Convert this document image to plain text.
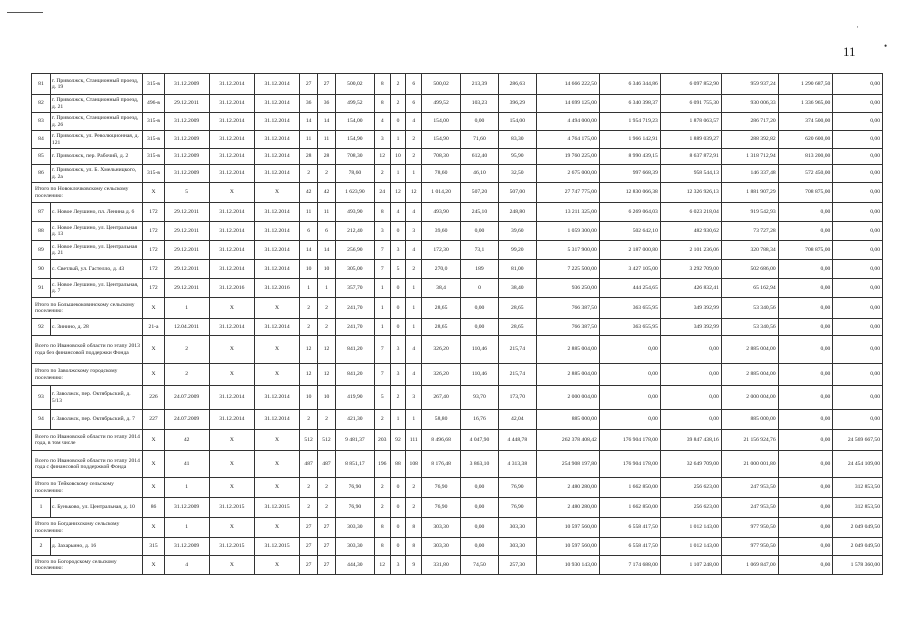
·
•
11
81	г. Приволжск, Станционный проезд, д. 19	315-в	31.12.2009	31.12.2014	31.12.2014	27	27	500,02	8	2	6	500,02	213,39	286,63	14 666 222,50	6 346 344,86	6 097 852,90	959 937,24	1 290 687,50	0,00
82	г. Приволжск, Станционный проезд, д. 21	496-в	29.12.2011	31.12.2014	31.12.2014	36	36	499,52	8	2	6	499,52	103,23	396,29	14 699 125,00	6 340 398,37	6 091 755,30	930 006,33	1 336 965,00	0,00
83	г. Приволжск, Станционный проезд, д. 26	315-в	31.12.2009	31.12.2014	31.12.2014	14	14	154,00	4	0	4	154,00	0,00	154,00	4 494 000,00	1 954 719,23	1 878 063,57	286 717,20	374 500,00	0,00
84	г. Приволжск, ул. Революционная, д. 121	315-в	31.12.2009	31.12.2014	31.12.2014	11	11	154,90	3	1	2	154,90	71,60	83,30	4 764 175,00	1 966 142,91	1 889 039,27	288 392,82	620 600,00	0,00
85	г. Приволжск, пер. Рабочий, д. 2	315-в	31.12.2009	31.12.2014	31.12.2014	28	28	708,30	12	10	2	708,30	612,40	95,90	19 760 225,00	8 990 439,15	8 637 872,91	1 318 712,94	813 200,00	0,00
86	г. Приволжск, ул. Б. Хмельницкого, д. 2а	315-в	31.12.2009	31.12.2014	31.12.2014	2	2	78,60	2	1	1	78,60	46,10	32,50	2 675 000,00	997 668,39	958 544,13	146 337,48	572 450,00	0,00
Итого по Новоклочковскому сельскому поселению:		X	5	X	X	42	42	1 623,90	24	12	12	1 014,20	507,20	507,00	27 747 775,00	12 830 066,38	12 326 926,13	1 881 907,29	708 875,00	0,00
87	с. Новое Леушино, пл. Ленина д. 6	172	29.12.2011	31.12.2014	31.12.2014	11	11	493,90	8	4	4	493,90	245,10	248,80	13 211 325,00	6 269 064,03	6 023 218,04	919 542,93	0,00	0,00
88	с. Новое Леушино, ул. Центральная д. 13	172	29.12.2011	31.12.2014	31.12.2014	6	6	212,40	3	0	3	39,60	0,00	39,60	1 059 300,00	502 642,10	482 930,62	73 727,28	0,00	0,00
89	с. Новое Леушино, ул. Центральная д. 21	172	29.12.2011	31.12.2014	31.12.2014	14	14	256,90	7	3	4	172,30	73,1	99,20	5 317 900,00	2 187 000,80	2 101 236,06	320 788,34	708 875,00	0,00
90	с. Светлый, ул. Гастелло, д. 43	172	29.12.2011	31.12.2014	31.12.2014	10	10	305,00	7	5	2	270,0	189	81,00	7 225 500,00	3 427 105,00	3 292 709,00	502 686,00	0,00	0,00
91	с. Новое Леушино, ул. Центральная, д. 7	172	29.12.2011	31.12.2016	31.12.2016	1	1	357,70	1	0	1	38,4	0	38,40	936 250,00	444 254,65	426 832,41	65 162,94	0,00	0,00
Итого по Большекоковинскому сельскому поселению:		X	1	X	X	2	2	241,70	1	0	1	28,65	0,00	28,65	766 387,50	363 655,95	349 392,99	53 340,56	0,00	0,00
92	с. Зинино, д. 28	21-а	12.04.2011	31.12.2014	31.12.2014	2	2	241,70	1	0	1	28,65	0,00	28,65	766 387,50	363 655,95	349 392,99	53 340,56	0,00	0,00
Всего по Ивановской области по этапу 2013 года без финансовой поддержки Фонда		X	2	X	X	12	12	841,20	7	3	4	326,20	110,46	215,74	2 885 004,00	0,00	0,00	2 885 004,00	0,00	0,00
Итого по Заволжскому городскому поселению:		X	2	X	X	12	12	841,20	7	3	4	326,20	110,46	215,74	2 885 004,00	0,00	0,00	2 885 004,00	0,00	0,00
93	г. Заволжск, пер. Октябрьский, д. 5/13	226	24.07.2009	31.12.2014	31.12.2014	10	10	419,90	5	2	3	267,40	93,70	173,70	2 000 004,00	0,00	0,00	2 000 004,00	0,00	0,00
94	г. Заволжск, пер. Октябрьский, д. 7	227	24.07.2009	31.12.2014	31.12.2014	2	2	421,30	2	1	1	58,80	16,76	42,04	885 000,00	0,00	0,00	885 000,00	0,00	0,00
Всего по Ивановской области по этапу 2014 года, в том числе		X	42	X	X	512	512	9 481,37	203	92	111	8 496,68	4 047,90	4 448,78	262 378 408,42	176 904 178,00	39 847 438,16	21 156 924,76	0,00	24 569 667,50
Всего по Ивановской области по этапу 2014 года с финансовой поддержкой Фонда		X	41	X	X	487	487	8 851,17	196	88	108	8 176,48	3 863,10	4 313,38	254 908 197,80	176 904 178,00	32 649 709,00	21 000 001,80	0,00	24 454 109,00
Итого по Тейковскому сельскому поселению:		X	1	X	X	2	2	76,90	2	0	2	76,90	0,00	76,90	2 480 280,00	1 662 850,00	256 623,00	247 953,50	0,00	312 853,50
1	с. Буньково, ул. Центральная, д. 10	86	31.12.2009	31.12.2015	31.12.2015	2	2	76,90	2	0	2	76,90	0,00	76,90	2 480 280,00	1 662 850,00	256 623,00	247 953,50	0,00	312 853,50
Итого по Богданихскому сельскому поселению:		X	1	X	X	27	27	303,30	8	0	8	303,30	0,00	303,30	10 597 560,00	6 558 417,50	1 012 143,00	977 950,50	0,00	2 049 049,50
2	д. Захарьино, д. 16	315	31.12.2009	31.12.2015	31.12.2015	27	27	303,30	8	0	8	303,30	0,00	303,30	10 597 560,00	6 558 417,50	1 012 143,00	977 950,50	0,00	2 049 049,50
Итого по Богородскому сельскому поселению:		X	4	X	X	27	27	444,30	12	3	9	331,80	74,50	257,30	10 930 143,00	7 174 688,00	1 107 248,00	1 069 847,00	0,00	1 578 360,00
